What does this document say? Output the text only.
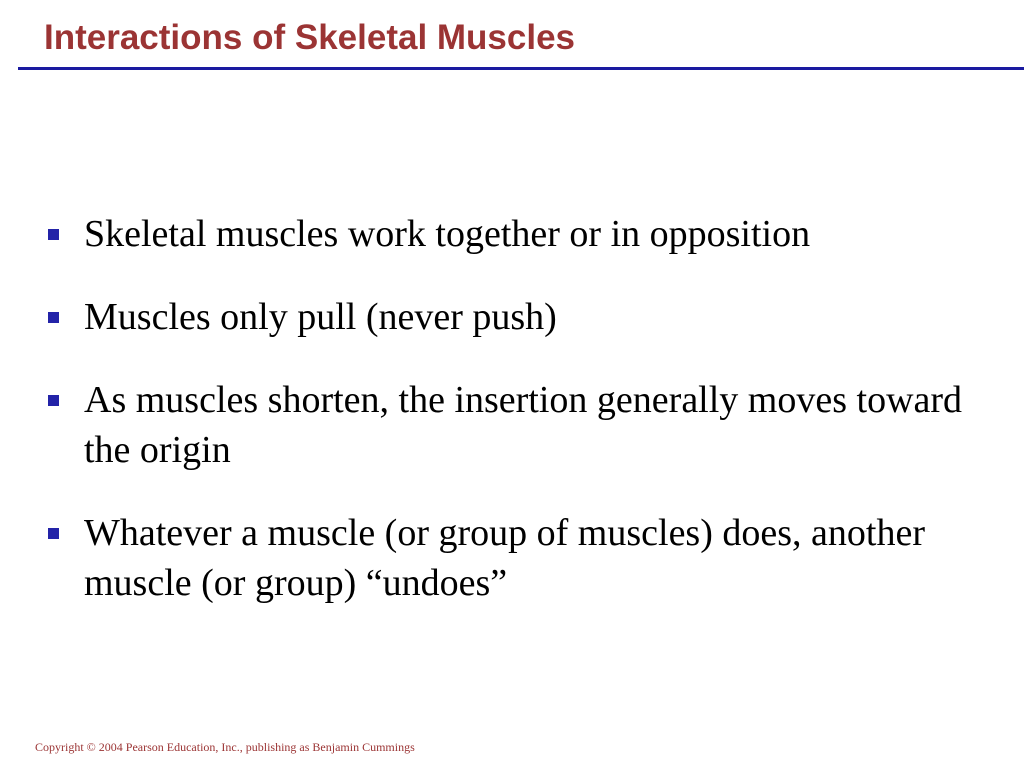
Interactions of Skeletal Muscles
Skeletal muscles work together or in opposition
Muscles only pull (never push)
As muscles shorten, the insertion generally moves toward the origin
Whatever a muscle (or group of muscles) does, another muscle (or group) “undoes”
Copyright © 2004 Pearson Education, Inc., publishing as Benjamin Cummings
